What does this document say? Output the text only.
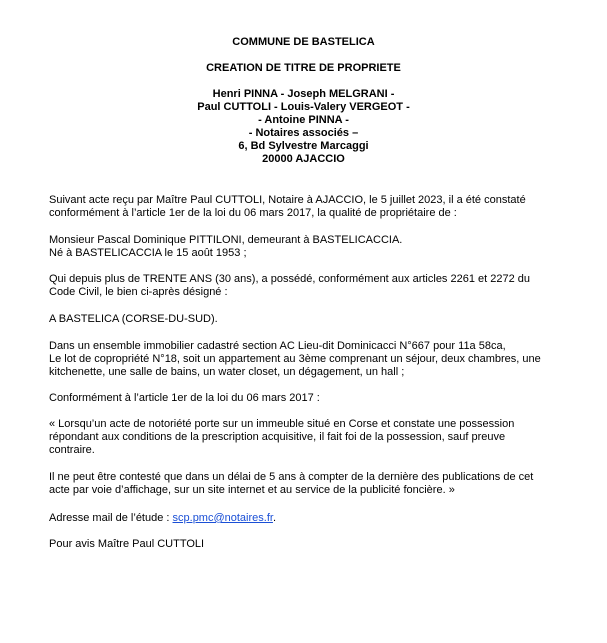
COMMUNE DE BASTELICA
CREATION DE TITRE DE PROPRIETE
Henri PINNA - Joseph MELGRANI -
Paul CUTTOLI - Louis-Valery VERGEOT -
- Antoine PINNA -
- Notaires associés –
6, Bd Sylvestre Marcaggi
20000 AJACCIO
Suivant acte reçu par Maître Paul CUTTOLI, Notaire à AJACCIO, le 5 juillet 2023, il a été constaté
conformément à l’article 1er de la loi du 06 mars 2017, la qualité de propriétaire de :
Monsieur Pascal Dominique PITTILONI, demeurant à BASTELICACCIA.
Né à BASTELICACCIA le 15 août 1953 ;
Qui depuis plus de TRENTE ANS (30 ans), a possédé, conformément aux articles 2261 et 2272 du
Code Civil, le bien ci-après désigné :
A BASTELICA (CORSE-DU-SUD).
Dans un ensemble immobilier cadastré section AC Lieu-dit Dominicacci N°667 pour 11a 58ca,
Le lot de copropriété N°18, soit un appartement au 3ème comprenant un séjour, deux chambres, une
kitchenette, une salle de bains, un water closet, un dégagement, un hall ;
Conformément à l’article 1er de la loi du 06 mars 2017 :
« Lorsqu’un acte de notoriété porte sur un immeuble situé en Corse et constate une possession
répondant aux conditions de la prescription acquisitive, il fait foi de la possession, sauf preuve
contraire.
Il ne peut être contesté que dans un délai de 5 ans à compter de la dernière des publications de cet
acte par voie d’affichage, sur un site internet et au service de la publicité foncière. »
Adresse mail de l’étude : scp.pmc@notaires.fr.
Pour avis Maître Paul CUTTOLI
